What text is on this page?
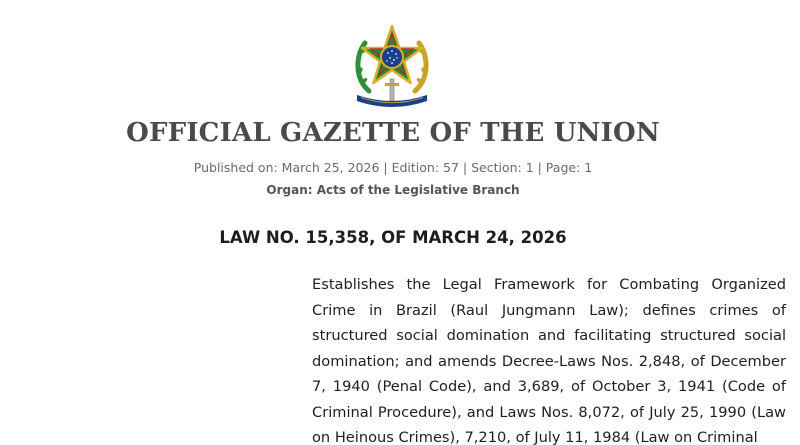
OFFICIAL GAZETTE OF THE UNION
Published on: March 25, 2026 | Edition: 57 | Section: 1 | Page: 1
Organ: Acts of the Legislative Branch
LAW NO. 15,358, OF MARCH 24, 2026

Establishes the Legal Framework for Combating Organized Crime in Brazil (Raul Jungmann Law); defines crimes of structured social domination and facilitating structured social domination; and amends Decree-Laws Nos. 2,848, of December 7, 1940 (Penal Code), and 3,689, of October 3, 1941 (Code of Criminal Procedure), and Laws Nos. 8,072, of July 25, 1990 (Law on Heinous Crimes), 7,210, of July 11, 1984 (Law on Criminal
